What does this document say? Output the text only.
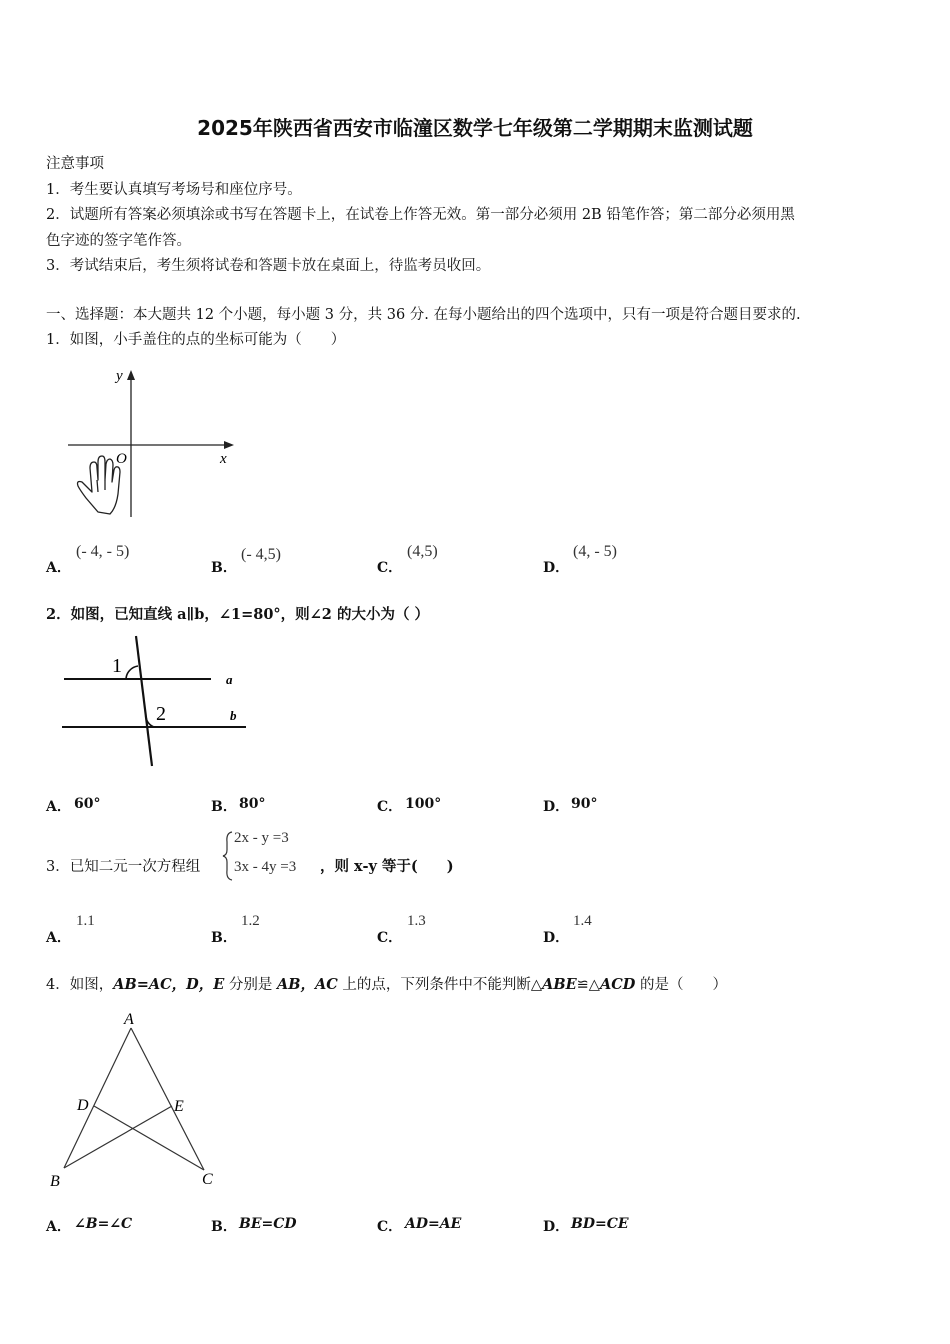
2025年陕西省西安市临潼区数学七年级第二学期期末监测试题
注意事项
1．考生要认真填写考场号和座位序号。
2．试题所有答案必须填涂或书写在答题卡上，在试卷上作答无效。第一部分必须用 2B 铅笔作答；第二部分必须用黑
色字迹的签字笔作答。
3．考试结束后，考生须将试卷和答题卡放在桌面上，待监考员收回。
一、选择题：本大题共 12 个小题，每小题 3 分，共 36 分. 在每小题给出的四个选项中，只有一项是符合题目要求的.
1．如图，小手盖住的点的坐标可能为（　　）
y
x
O
A．
(- 4, - 5)
B．
(- 4,5)
C．
(4,5)
D．
(4, - 5)
2．如图，已知直线 a∥b，∠1=80°，则∠2 的大小为（ ）
1
2
a
b
A． 60°	B． 80°	C． 100°	D． 90°
3．已知二元一次方程组
2x - y =3
3x - 4y =3 ，则 x-y 等于(　　)
A．
1.1
B．
1.2
C．
1.3
D．
1.4
4．如图，AB=AC，D，E 分别是 AB，AC 上的点，下列条件中不能判断△ABE≌△ACD 的是（　　）
A
B	C
D	E
A． ∠B=∠C	B． BE=CD	C． AD=AE	D． BD=CE
